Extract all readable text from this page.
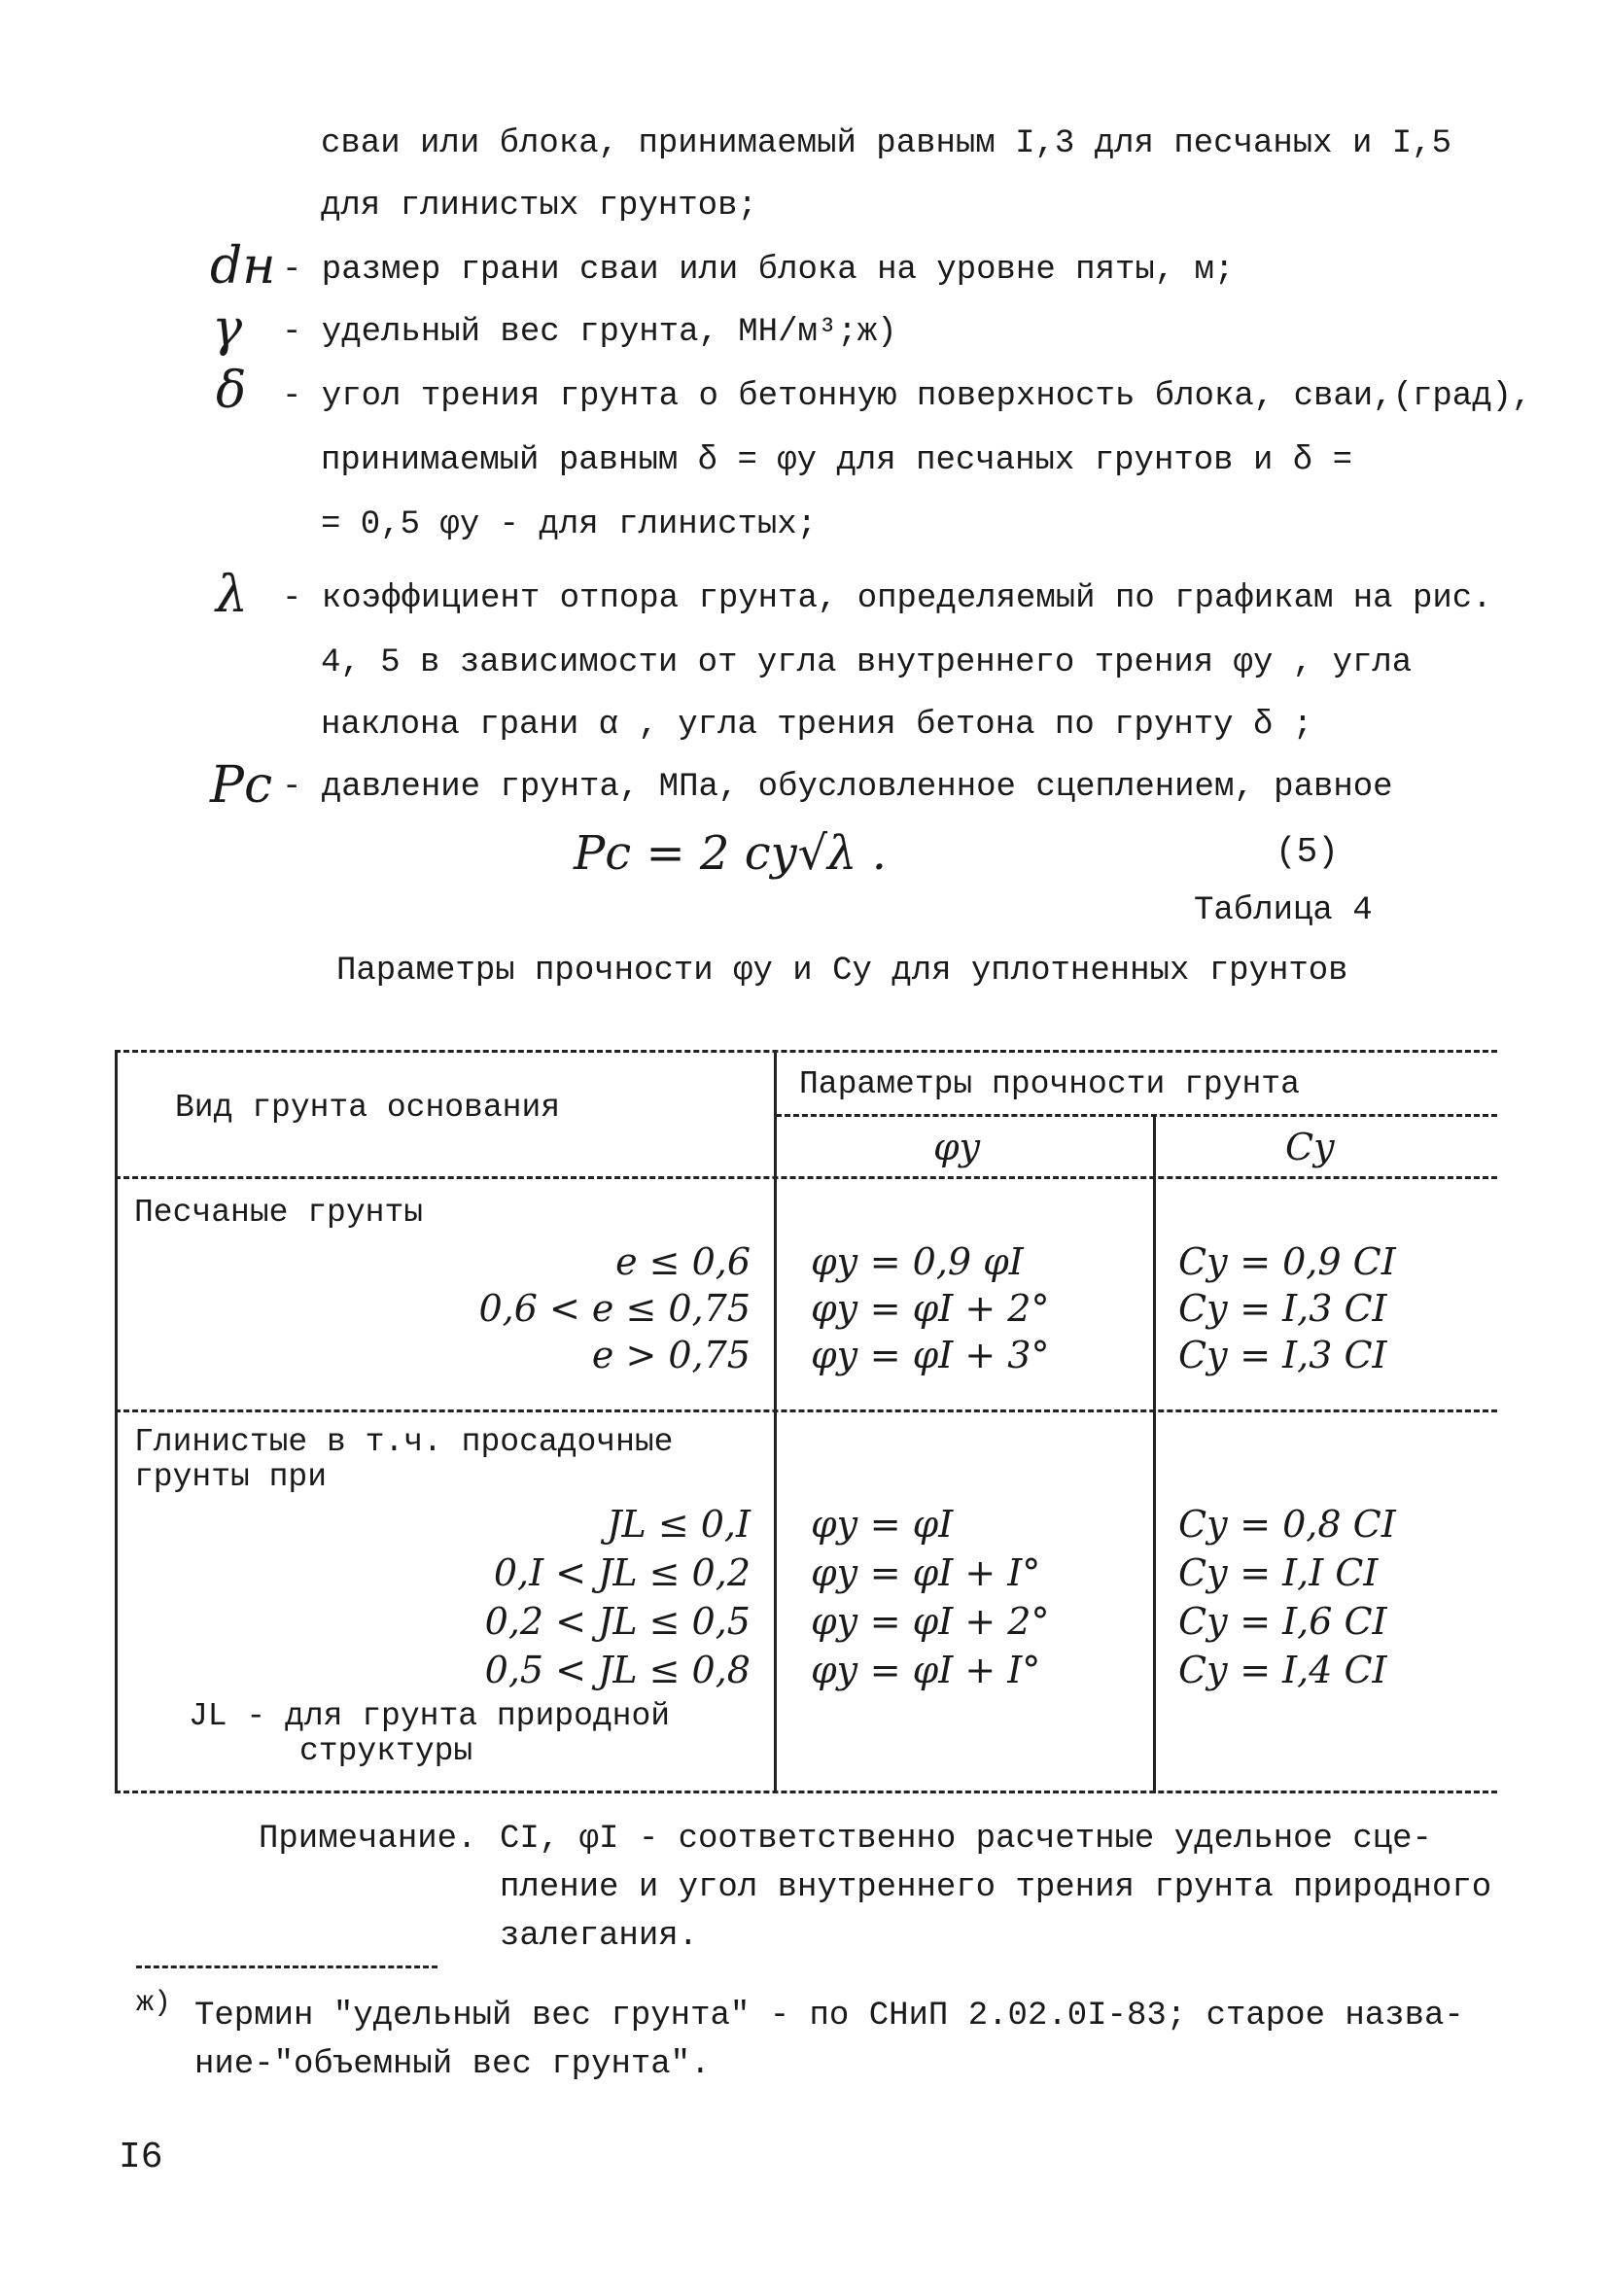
сваи или блока, принимаемый равным I,3 для песчаных и I,5
для глинистых грунтов;
dн - размер грани сваи или блока на уровне пяты, м;
γ - удельный вес грунта, МН/м³;ж)
δ - угол трения грунта о бетонную поверхность блока, сваи,(град),
принимаемый равным δ = φу для песчаных грунтов и δ =
= 0,5 φу - для глинистых;
λ - коэффициент отпора грунта, определяемый по графикам на рис.
4, 5 в зависимости от угла внутреннего трения φу , угла
наклона грани α , угла трения бетона по грунту δ ;
Pс - давление грунта, МПа, обусловленное сцеплением, равное
Pс = 2 cу√λ .	(5)
Таблица 4
Параметры прочности φу и Cу для уплотненных грунтов
Вид грунта основания
Параметры прочности грунта
φу	Cу
Песчаные грунты
e ≤ 0,6
0,6 < e ≤ 0,75
e > 0,75
φу = 0,9 φI
φу = φI + 2°
φу = φI + 3°
Cу = 0,9 CI
Cу = I,3 CI
Cу = I,3 CI
Глинистые в т.ч. просадочные
грунты при
JL ≤ 0,I
0,I < JL ≤ 0,2
0,2 < JL ≤ 0,5
0,5 < JL ≤ 0,8
φу = φI
φу = φI + I°
φу = φI + 2°
φу = φI + I°
Cу = 0,8 CI
Cу = I,I CI
Cу = I,6 CI
Cу = I,4 CI
JL - для грунта природной
структуры
Примечание. CI, φI - соответственно расчетные удельное сце-
пление и угол внутреннего трения грунта природного
залегания.
ж) Термин "удельный вес грунта" - по СНиП 2.02.0I-83; старое назва-
ние-"объемный вес грунта".
I6
